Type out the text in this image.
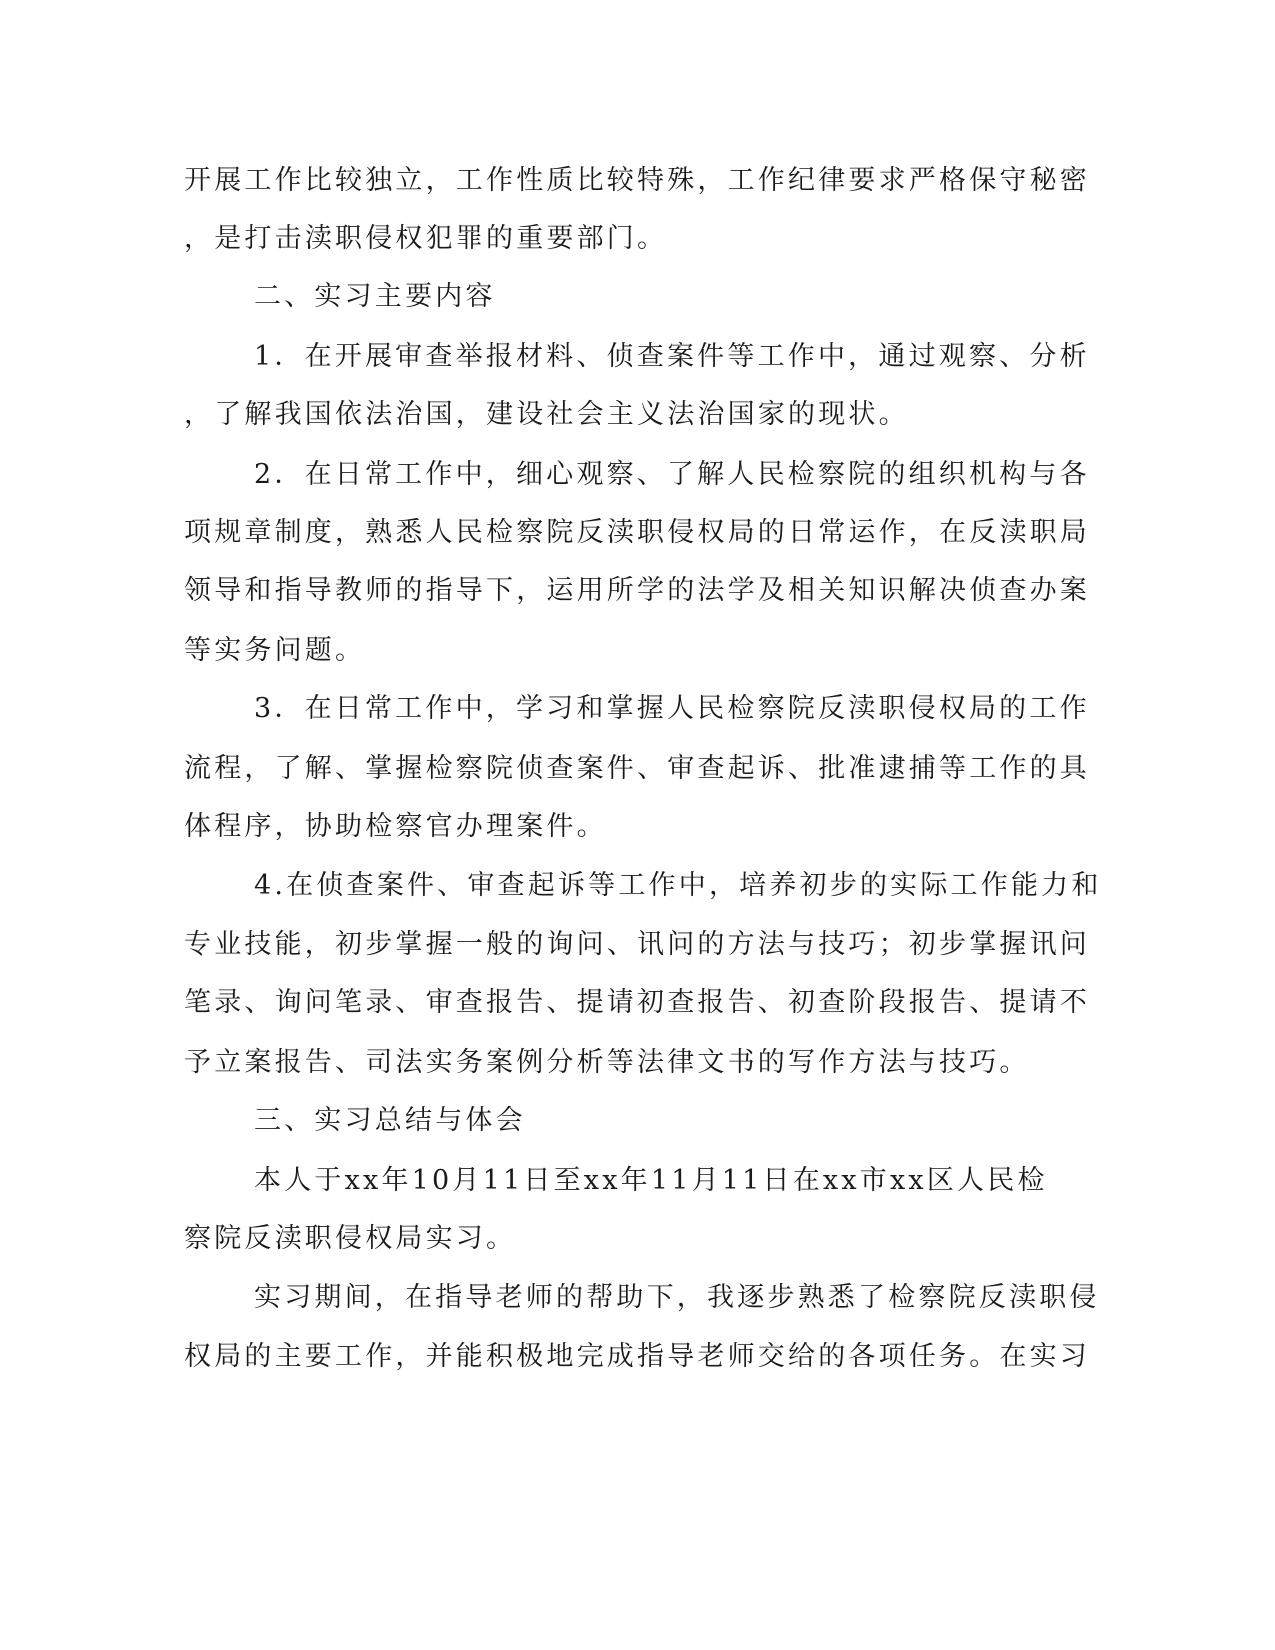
开展工作比较独立，工作性质比较特殊，工作纪律要求严格保守秘密
，是打击渎职侵权犯罪的重要部门。
二、实习主要内容
1．在开展审查举报材料、侦查案件等工作中，通过观察、分析
，了解我国依法治国，建设社会主义法治国家的现状。
2．在日常工作中，细心观察、了解人民检察院的组织机构与各
项规章制度，熟悉人民检察院反渎职侵权局的日常运作，在反渎职局
领导和指导教师的指导下，运用所学的法学及相关知识解决侦查办案
等实务问题。
3．在日常工作中，学习和掌握人民检察院反渎职侵权局的工作
流程，了解、掌握检察院侦查案件、审查起诉、批准逮捕等工作的具
体程序，协助检察官办理案件。
4.在侦查案件、审查起诉等工作中，培养初步的实际工作能力和
专业技能，初步掌握一般的询问、讯问的方法与技巧；初步掌握讯问
笔录、询问笔录、审查报告、提请初查报告、初查阶段报告、提请不
予立案报告、司法实务案例分析等法律文书的写作方法与技巧。
三、实习总结与体会
本人于xx年10月11日至xx年11月11日在xx市xx区人民检
察院反渎职侵权局实习。
实习期间，在指导老师的帮助下，我逐步熟悉了检察院反渎职侵
权局的主要工作，并能积极地完成指导老师交给的各项任务。在实习
